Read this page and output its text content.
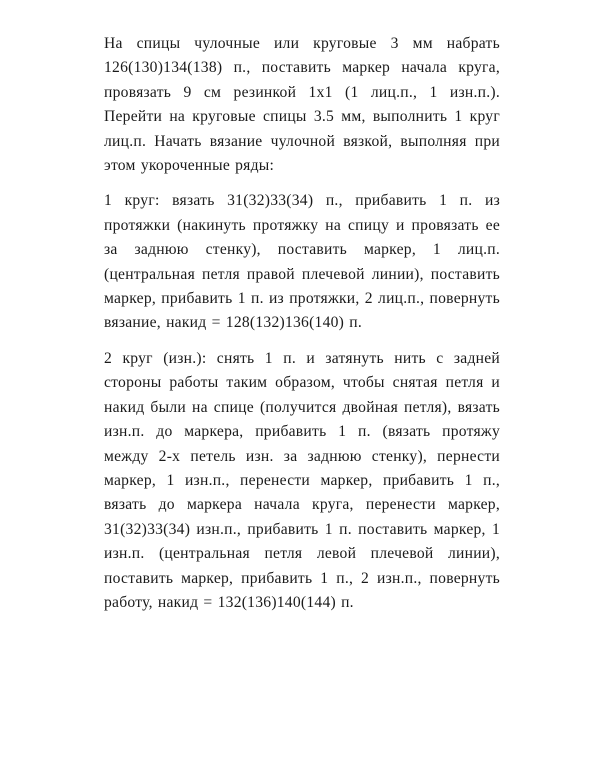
На спицы чулочные или круговые 3 мм набрать 126(130)134(138) п., поставить маркер начала круга, провязать 9 см резинкой 1х1 (1 лиц.п., 1 изн.п.). Перейти на круговые спицы 3.5 мм, выполнить 1 круг лиц.п. Начать вязание чулочной вязкой, выполняя при этом укороченные ряды:

1 круг: вязать 31(32)33(34) п., прибавить 1 п. из протяжки (накинуть протяжку на спицу и провязать ее за заднюю стенку), поставить маркер, 1 лиц.п. (центральная петля правой плечевой линии), поставить маркер, прибавить 1 п. из протяжки, 2 лиц.п., повернуть вязание, накид = 128(132)136(140) п.

2 круг (изн.): снять 1 п. и затянуть нить с задней стороны работы таким образом, чтобы снятая петля и накид были на спице (получится двойная петля), вязать изн.п. до маркера, прибавить 1 п. (вязать протяжу между 2-х петель изн. за заднюю стенку), пернести маркер, 1 изн.п., перенести маркер, прибавить 1 п., вязать до маркера начала круга, перенести маркер, 31(32)33(34) изн.п., прибавить 1 п. поставить маркер, 1 изн.п. (центральная петля левой плечевой линии), поставить маркер, прибавить 1 п., 2 изн.п., повернуть работу, накид = 132(136)140(144) п.
